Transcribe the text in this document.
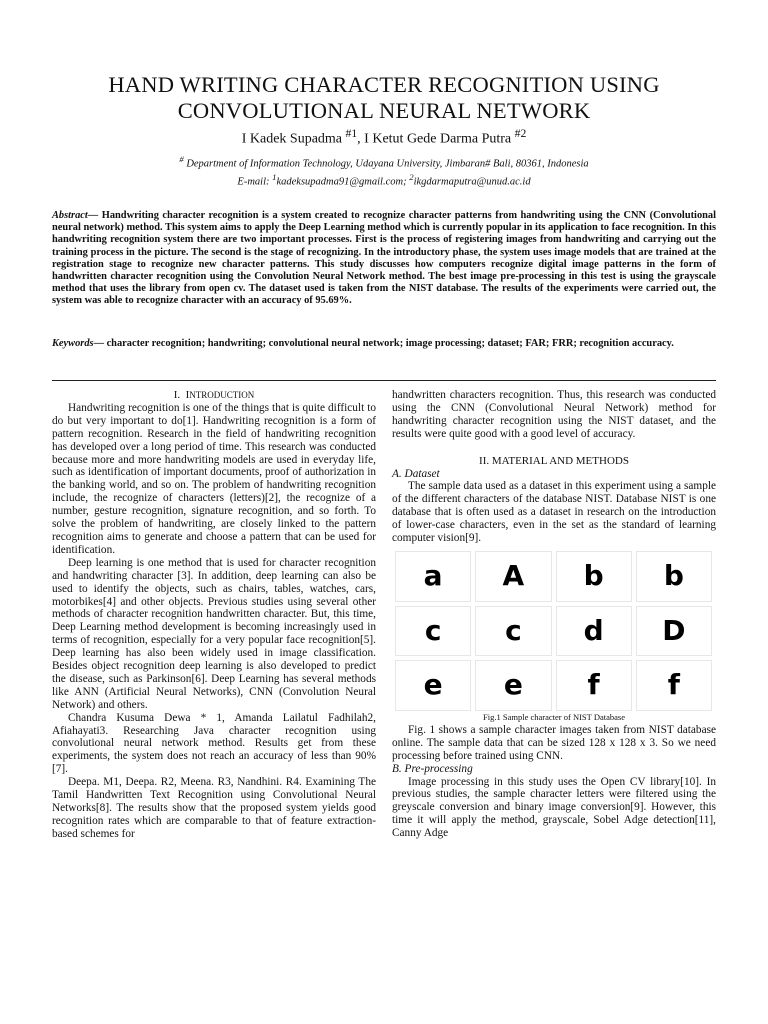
HAND WRITING CHARACTER RECOGNITION USING
CONVOLUTIONAL NEURAL NETWORK
I Kadek Supadma $^{\#1}$, I Ketut Gede Darma Putra $^{\#2}$
# Department of Information Technology, Udayana University, Jimbaran# Bali, 80361, Indonesia
E-mail: $^1$kadeksupadma91@gmail.com; $^2$ikgdarmaputra@unud.ac.id
Abstract— Handwriting character recognition is a system created to recognize character patterns from handwriting using the CNN (Convolutional neural network) method. This system aims to apply the Deep Learning method which is currently popular in its application to face recognition. In this handwriting recognition system there are two important processes. First is the process of registering images from handwriting and carrying out the training process in the picture. The second is the stage of recognizing. In the introductory phase, the system uses image models that are trained at the registration stage to recognize new character patterns. This study discusses how computers recognize digital image patterns in the form of handwritten character recognition using the Convolution Neural Network method. The best image pre-processing in this test is using the grayscale method that uses the library from open cv. The dataset used is taken from the NIST database. The results of the experiments were carried out, the system was able to recognize character with an accuracy of 95.69%.
Keywords— character recognition; handwriting; convolutional neural network; image processing; dataset; FAR; FRR; recognition accuracy.

I. INTRODUCTION

Handwriting recognition is one of the things that is quite difficult to do but very important to do[1]. Handwriting recognition is a form of pattern recognition. Research in the field of handwriting recognition has developed over a long period of time. This research was conducted because more and more handwriting models are used in everyday life, such as identification of important documents, proof of authorization in the banking world, and so on. The problem of handwriting recognition include, the recognize of characters (letters)[2], the recognize of a number, gesture recognition, signature recognition, and so forth. To solve the problem of handwriting, are closely linked to the pattern recognition aims to generate and choose a pattern that can be used for identification.

Deep learning is one method that is used for character recognition and handwriting character [3]. In addition, deep learning can also be used to identify the objects, such as chairs, tables, watches, cars, motorbikes[4] and other objects. Previous studies using several other methods of character recognition handwritten character. But, this time, Deep Learning method development is becoming increasingly used in terms of recognition, especially for a very popular face recognition[5]. Deep learning has also been widely used in image classification. Besides object recognition deep learning is also developed to predict the disease, such as Parkinson[6]. Deep Learning has several methods like ANN (Artificial Neural Networks), CNN (Convolution Neural Network) and others.

Chandra Kusuma Dewa * 1, Amanda Lailatul Fadhilah2, Afiahayati3. Researching Java character recognition using convolutional neural network method. Results get from these experiments, the system does not reach an accuracy of less than 90%[7].

Deepa. M1, Deepa. R2, Meena. R3, Nandhini. R4. Examining The Tamil Handwritten Text Recognition using Convolutional Neural Networks[8]. The results show that the proposed system yields good recognition rates which are comparable to that of feature extraction-based schemes for

handwritten characters recognition. Thus, this research was conducted using the CNN (Convolutional Neural Network) method for handwriting character recognition using the NIST dataset, and the results were quite good with a good level of accuracy.

II. MATERIAL AND METHODS

A. Dataset

The sample data used as a dataset in this experiment using a sample of the different characters of the database NIST. Database NIST is one database that is often used as a dataset in research on the introduction of lower-case characters, even in the set as the standard of learning computer vision[9].

a	A	b	b
c	c	d	D
e	e	f	f

Fig.1 Sample character of NIST Database

Fig. 1 shows a sample character images taken from NIST database online. The sample data that can be sized 128 x 128 x 3. So we need processing before trained using CNN.

B. Pre-processing

Image processing in this study uses the Open CV library[10]. In previous studies, the sample character letters were filtered using the greyscale conversion and binary image conversion[9]. However, this time it will apply the method, grayscale, Sobel Adge detection[11], Canny Adge
